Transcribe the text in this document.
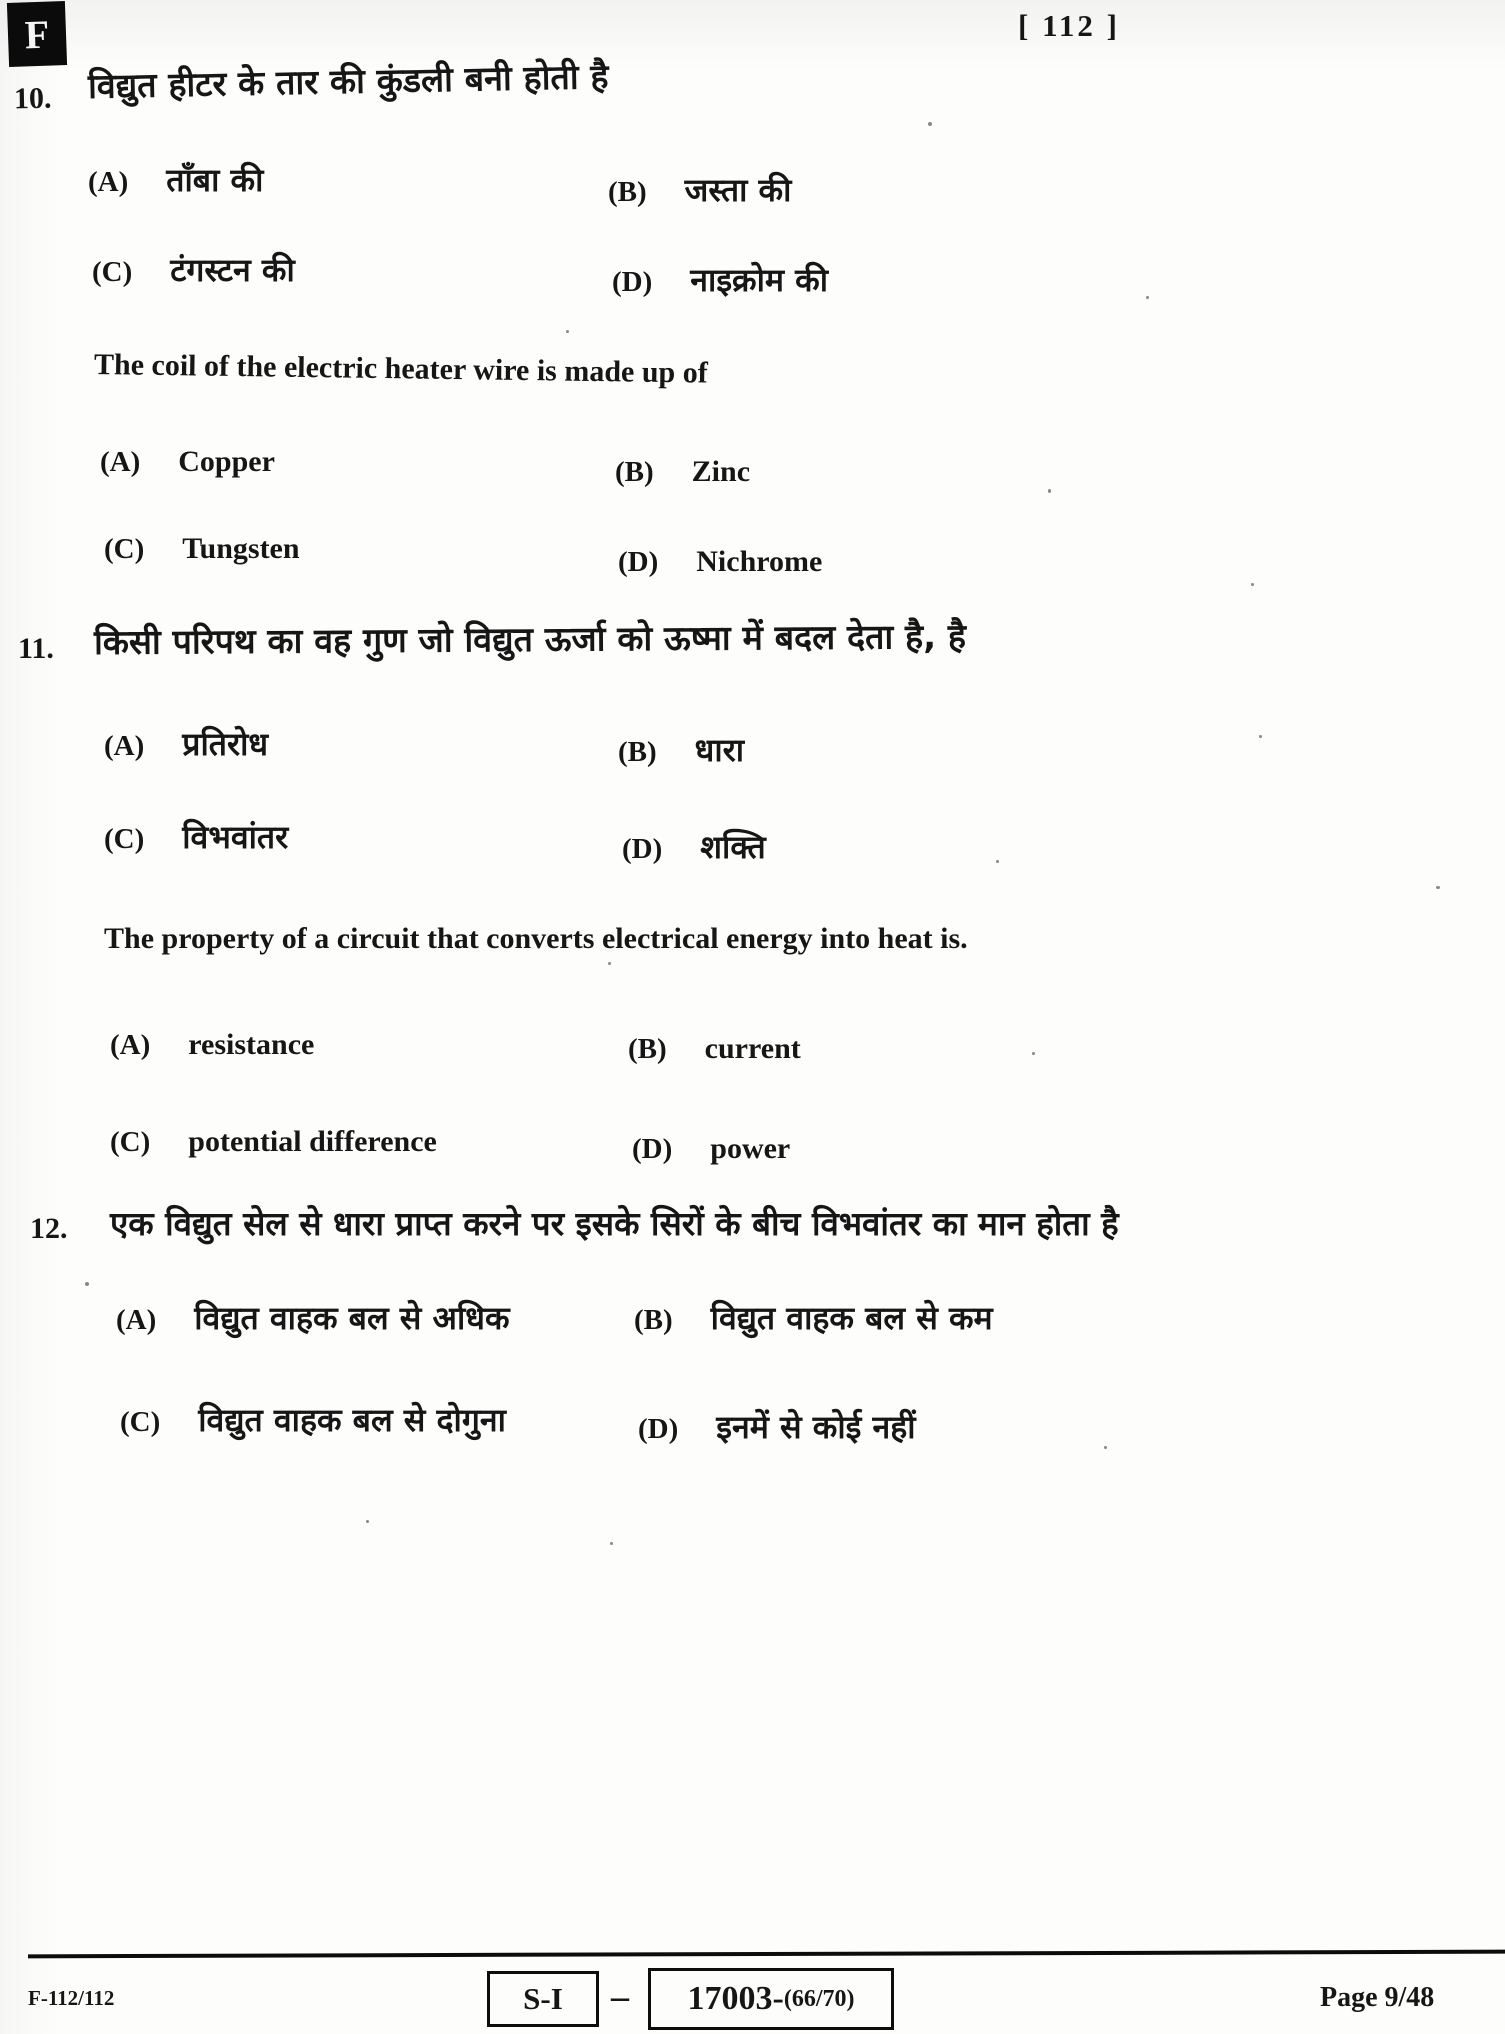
F	[ 112 ]
10. विद्युत हीटर के तार की कुंडली बनी होती है
(A) ताँबा की	(B) जस्ता की
(C) टंगस्टन की	(D) नाइक्रोम की
The coil of the electric heater wire is made up of
(A) Copper	(B) Zinc
(C) Tungsten	(D) Nichrome
11. किसी परिपथ का वह गुण जो विद्युत ऊर्जा को ऊष्मा में बदल देता है, है
(A) प्रतिरोध	(B) धारा
(C) विभवांतर	(D) शक्ति
The property of a circuit that converts electrical energy into heat is.
(A) resistance	(B) current
(C) potential difference	(D) power
12. एक विद्युत सेल से धारा प्राप्त करने पर इसके सिरों के बीच विभवांतर का मान होता है
(A) विद्युत वाहक बल से अधिक	(B) विद्युत वाहक बल से कम
(C) विद्युत वाहक बल से दोगुना	(D) इनमें से कोई नहीं
F-112/112	S-I – 17003- (66/70)	Page 9/48
